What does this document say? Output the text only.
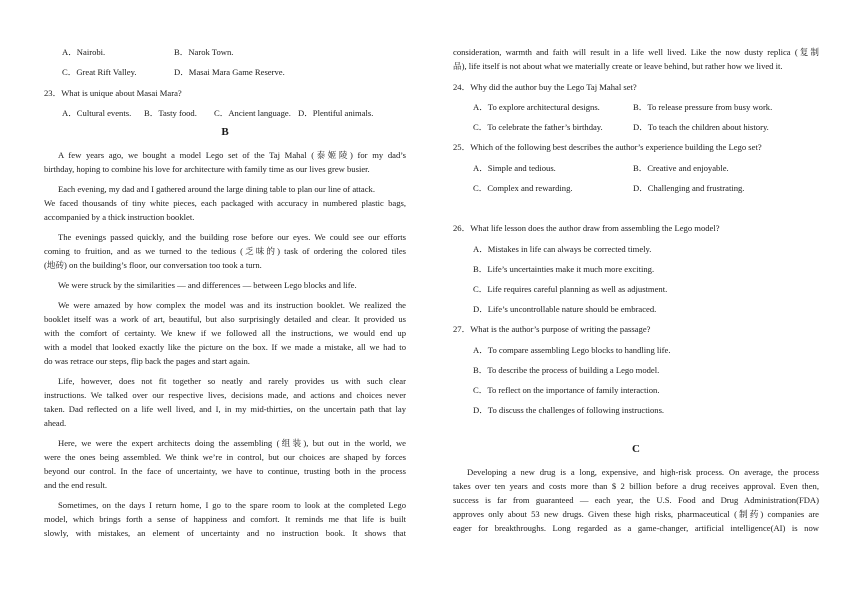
A．Nairobi.	B．Narok Town.
C．Great Rift Valley.	D．Masai Mara Game Reserve.
23．What is unique about Masai Mara?
A．Cultural events. B．Tasty food. C．Ancient language. D．Plentiful animals.
B
A few years ago, we bought a model Lego set of the Taj Mahal (泰姬陵) for my dad’s
birthday, hoping to combine his love for architecture with family time as our lives grew busier.
Each evening, my dad and I gathered around the large dining table to plan our line of attack.
We faced thousands of tiny white pieces, each packaged with accuracy in numbered plastic bags,
accompanied by a thick instruction booklet.
The evenings passed quickly, and the building rose before our eyes. We could see our efforts
coming to fruition, and as we turned to the tedious (乏味的) task of ordering the colored tiles
(地砖) on the building’s floor, our conversation too took a turn.
We were struck by the similarities — and differences — between Lego blocks and life.
We were amazed by how complex the model was and its instruction booklet. We realized the
booklet itself was a work of art, beautiful, but also surprisingly detailed and clear. It provided us
with the comfort of certainty. We knew if we followed all the instructions, we would end up
with a model that looked exactly like the picture on the box. If we made a mistake, all we had to
do was retrace our steps, flip back the pages and start again.
Life, however, does not fit together so neatly and rarely provides us with such clear
instructions. We talked over our respective lives, decisions made, and actions and choices never
taken. Dad reflected on a life well lived, and I, in my mid-thirties, on the uncertain path that lay
ahead.
Here, we were the expert architects doing the assembling (组装), but out in the world, we
were the ones being assembled. We think we’re in control, but our choices are shaped by forces
beyond our control. In the face of uncertainty, we have to continue, trusting both in the process
and the end result.
Sometimes, on the days I return home, I go to the spare room to look at the completed Lego
model, which brings forth a sense of happiness and comfort. It reminds me that life is built
slowly, with mistakes, an element of uncertainty and no instruction book. It shows that
consideration, warmth and faith will result in a life well lived. Like the now dusty replica (复制
品), life itself is not about what we materially create or leave behind, but rather how we lived it.
24．Why did the author buy the Lego Taj Mahal set?
A．To explore architectural designs.	B．To release pressure from busy work.
C．To celebrate the father’s birthday.	D．To teach the children about history.
25．Which of the following best describes the author’s experience building the Lego set?
A．Simple and tedious.	B．Creative and enjoyable.
C．Complex and rewarding.	D．Challenging and frustrating.
26．What life lesson does the author draw from assembling the Lego model?
A．Mistakes in life can always be corrected timely.
B．Life’s uncertainties make it much more exciting.
C．Life requires careful planning as well as adjustment.
D．Life’s uncontrollable nature should be embraced.
27．What is the author’s purpose of writing the passage?
A．To compare assembling Lego blocks to handling life.
B．To describe the process of building a Lego model.
C．To reflect on the importance of family interaction.
D．To discuss the challenges of following instructions.
C
Developing a new drug is a long, expensive, and high-risk process. On average, the process
takes over ten years and costs more than $ 2 billion before a drug receives approval. Even then,
success is far from guaranteed — each year, the U.S. Food and Drug Administration(FDA)
approves only about 53 new drugs. Given these high risks, pharmaceutical (制药) companies are
eager for breakthroughs. Long regarded as a game-changer, artificial intelligence(AI) is now
